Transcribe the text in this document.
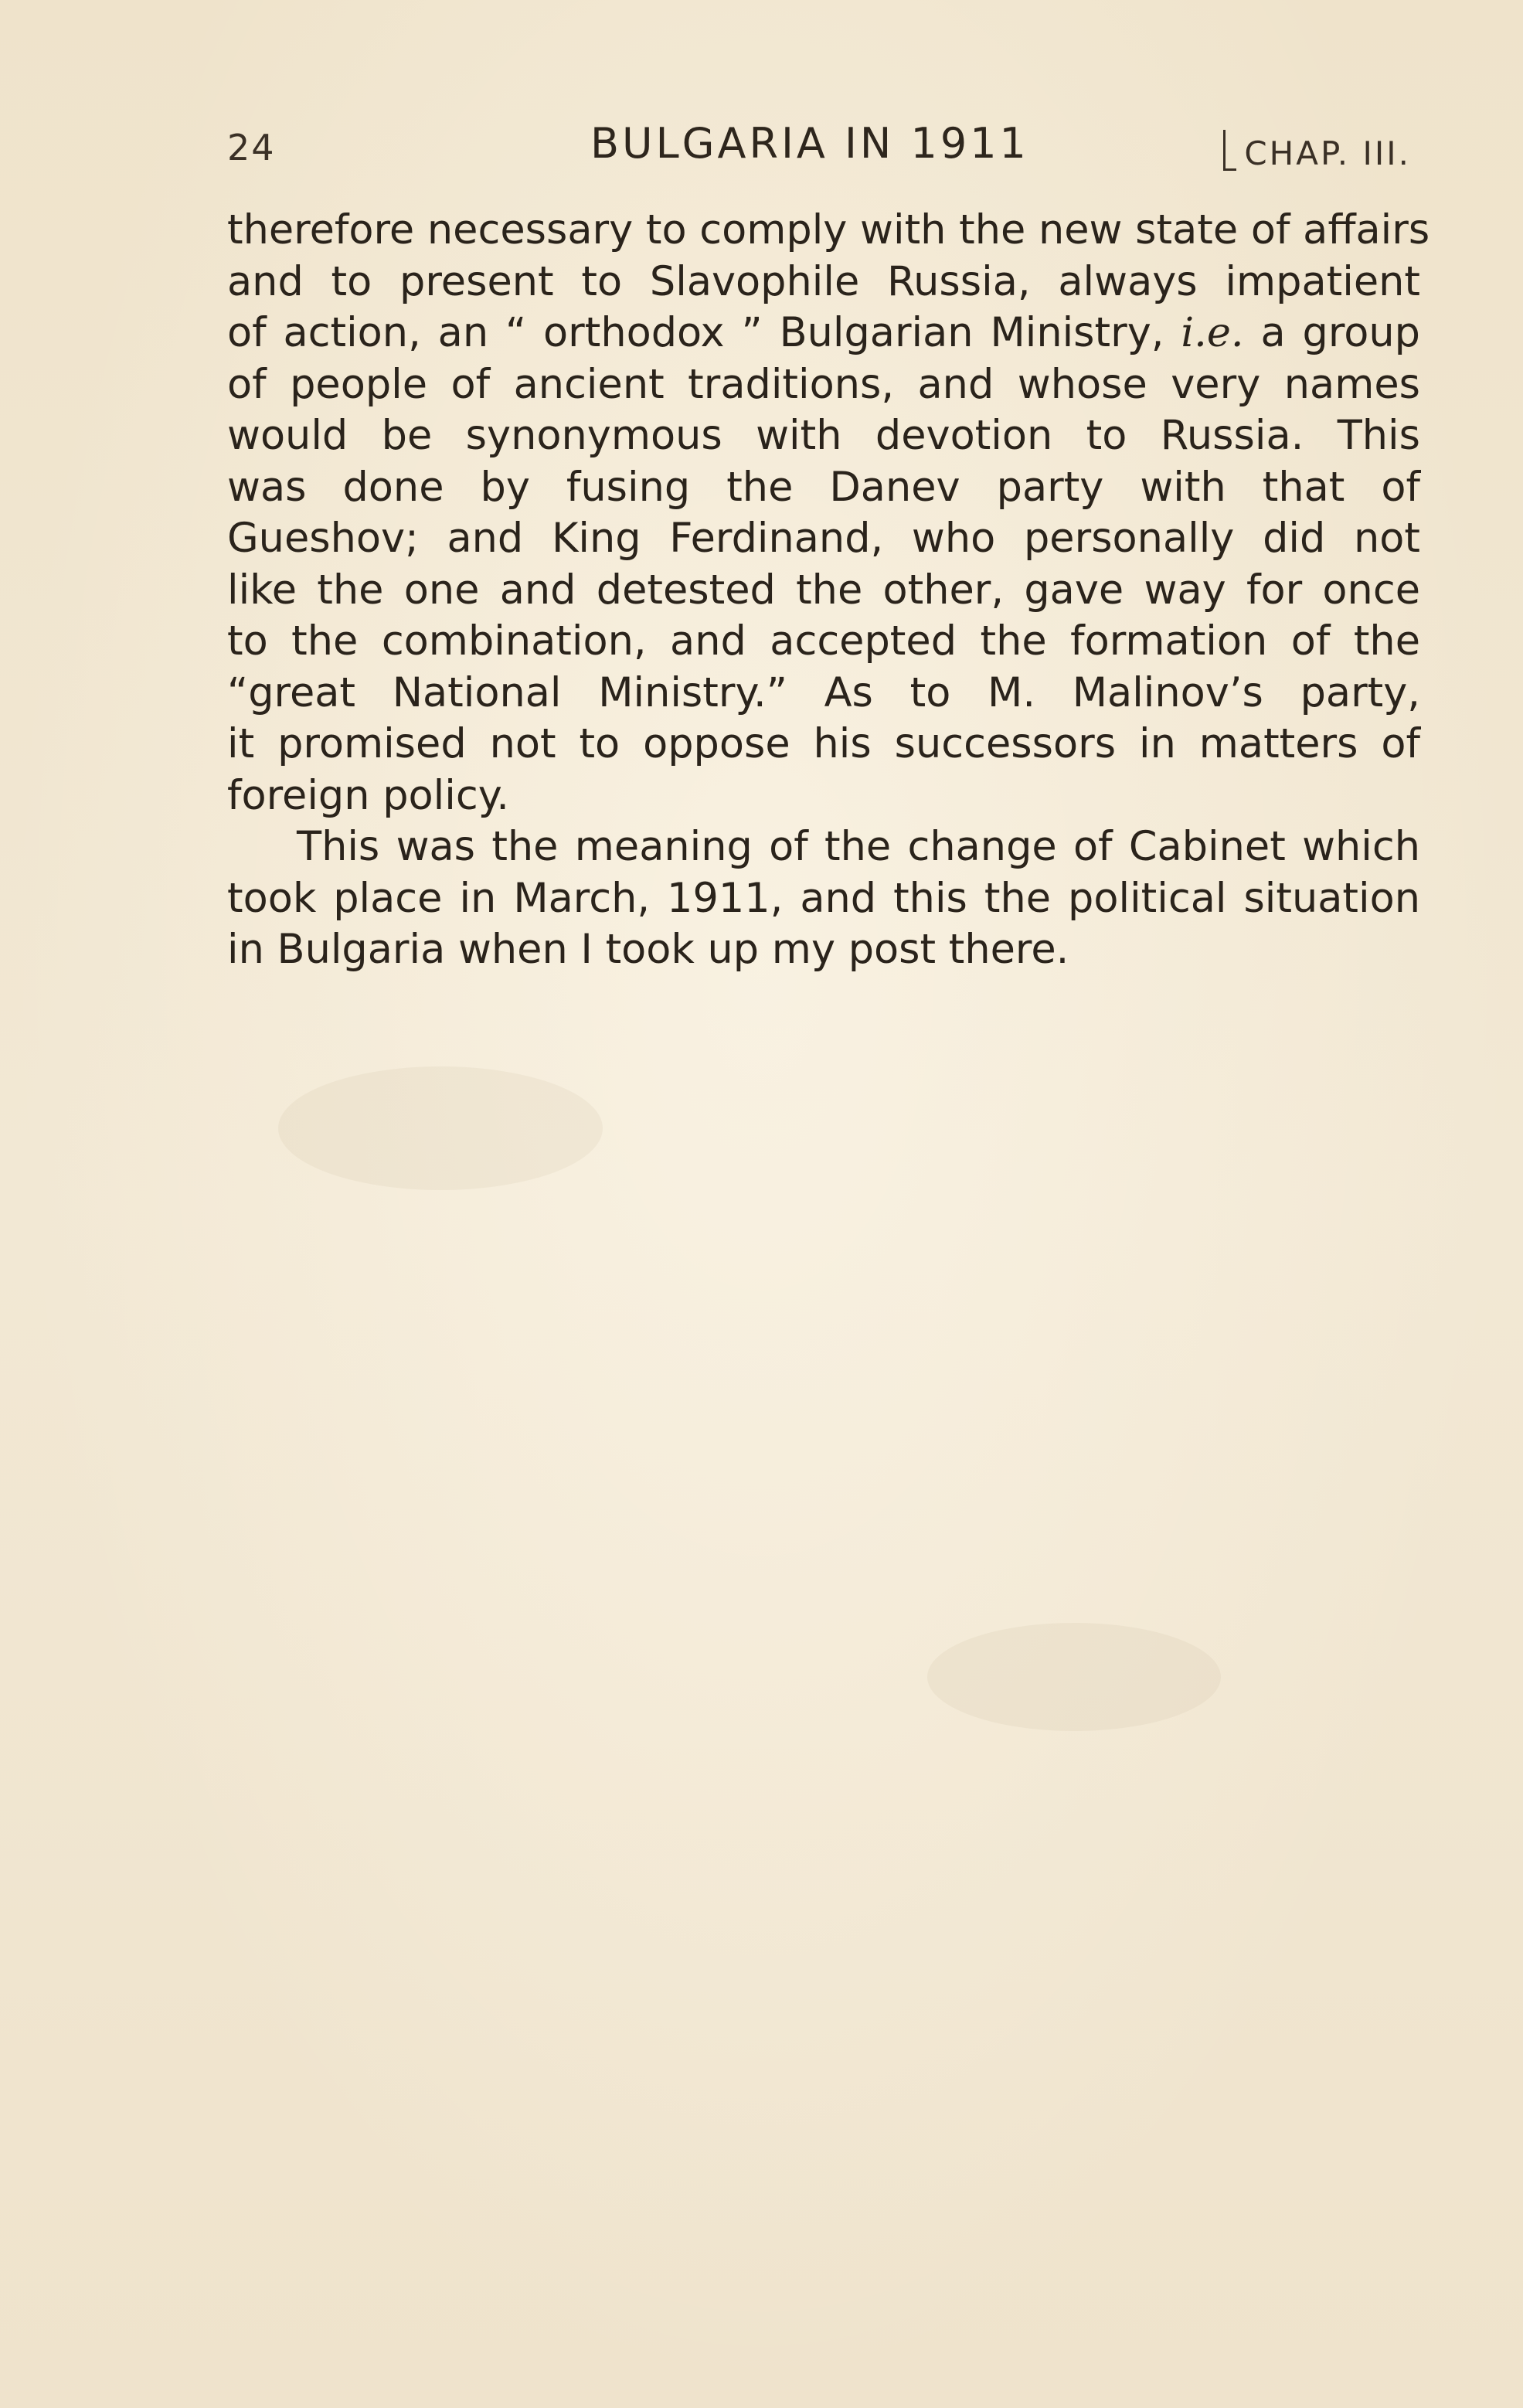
24	BULGARIA IN 1911	CHAP. III.
therefore necessary to comply with the new state of affairs
and to present to Slavophile Russia, always impatient
of action, an “ orthodox ” Bulgarian Ministry, i.e. a group
of people of ancient traditions, and whose very names
would be synonymous with devotion to Russia. This
was done by fusing the Danev party with that of
Gueshov; and King Ferdinand, who personally did not
like the one and detested the other, gave way for once
to the combination, and accepted the formation of the
“great National Ministry.” As to M. Malinov’s party,
it promised not to oppose his successors in matters of
foreign policy.
This was the meaning of the change of Cabinet which
took place in March, 1911, and this the political situation
in Bulgaria when I took up my post there.
